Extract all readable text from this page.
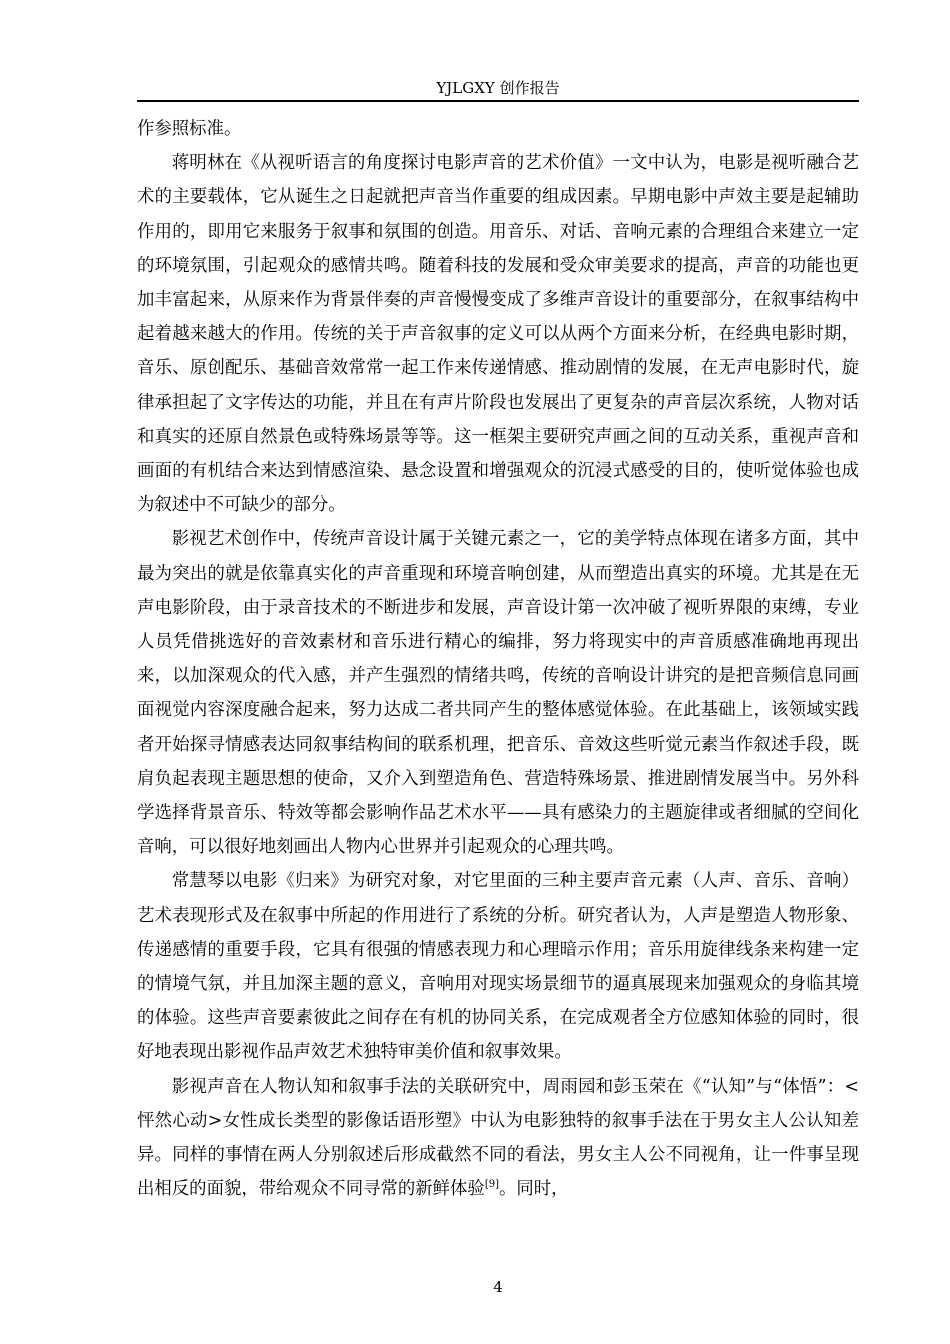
YJLGXY 创作报告

作参照标准。

蒋明林在《从视听语言的角度探讨电影声音的艺术价值》一文中认为，电影是视听融合艺术的主要载体，它从诞生之日起就把声音当作重要的组成因素。早期电影中声效主要是起辅助作用的，即用它来服务于叙事和氛围的创造。用音乐、对话、音响元素的合理组合来建立一定的环境氛围，引起观众的感情共鸣。随着科技的发展和受众审美要求的提高，声音的功能也更加丰富起来，从原来作为背景伴奏的声音慢慢变成了多维声音设计的重要部分，在叙事结构中起着越来越大的作用。传统的关于声音叙事的定义可以从两个方面来分析，在经典电影时期，音乐、原创配乐、基础音效常常一起工作来传递情感、推动剧情的发展，在无声电影时代，旋律承担起了文字传达的功能，并且在有声片阶段也发展出了更复杂的声音层次系统，人物对话和真实的还原自然景色或特殊场景等等。这一框架主要研究声画之间的互动关系，重视声音和画面的有机结合来达到情感渲染、悬念设置和增强观众的沉浸式感受的目的，使听觉体验也成为叙述中不可缺少的部分。

影视艺术创作中，传统声音设计属于关键元素之一，它的美学特点体现在诸多方面，其中最为突出的就是依靠真实化的声音重现和环境音响创建，从而塑造出真实的环境。尤其是在无声电影阶段，由于录音技术的不断进步和发展，声音设计第一次冲破了视听界限的束缚，专业人员凭借挑选好的音效素材和音乐进行精心的编排，努力将现实中的声音质感准确地再现出来，以加深观众的代入感，并产生强烈的情绪共鸣，传统的音响设计讲究的是把音频信息同画面视觉内容深度融合起来，努力达成二者共同产生的整体感觉体验。在此基础上，该领域实践者开始探寻情感表达同叙事结构间的联系机理，把音乐、音效这些听觉元素当作叙述手段，既肩负起表现主题思想的使命，又介入到塑造角色、营造特殊场景、推进剧情发展当中。另外科学选择背景音乐、特效等都会影响作品艺术水平——具有感染力的主题旋律或者细腻的空间化音响，可以很好地刻画出人物内心世界并引起观众的心理共鸣。

常慧琴以电影《归来》为研究对象，对它里面的三种主要声音元素（人声、音乐、音响）艺术表现形式及在叙事中所起的作用进行了系统的分析。研究者认为，人声是塑造人物形象、传递感情的重要手段，它具有很强的情感表现力和心理暗示作用；音乐用旋律线条来构建一定的情境气氛，并且加深主题的意义，音响用对现实场景细节的逼真展现来加强观众的身临其境的体验。这些声音要素彼此之间存在有机的协同关系，在完成观者全方位感知体验的同时，很好地表现出影视作品声效艺术独特审美价值和叙事效果。

影视声音在人物认知和叙事手法的关联研究中，周雨园和彭玉荣在《“认知”与“体悟”：<怦然心动>女性成长类型的影像话语形塑》中认为电影独特的叙事手法在于男女主人公认知差异。同样的事情在两人分别叙述后形成截然不同的看法，男女主人公不同视角，让一件事呈现出相反的面貌，带给观众不同寻常的新鲜体验[9]。同时，

4
